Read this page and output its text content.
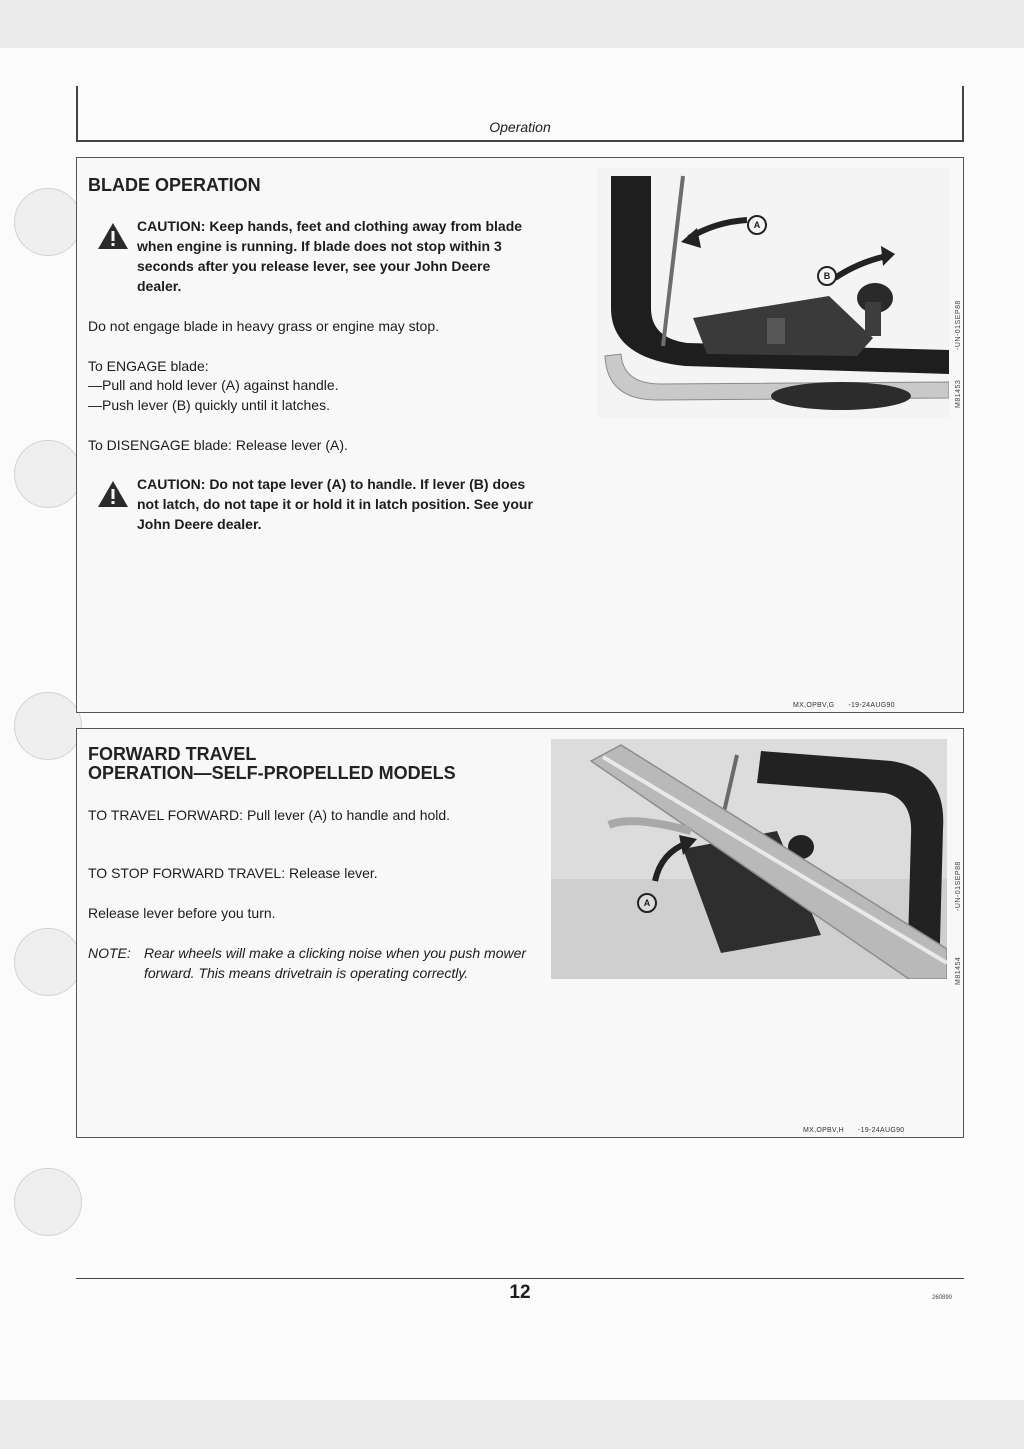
Operation
BLADE OPERATION
CAUTION: Keep hands, feet and clothing away from blade when engine is running. If blade does not stop within 3 seconds after you release lever, see your John Deere dealer.
Do not engage blade in heavy grass or engine may stop.
To ENGAGE blade:
—Pull and hold lever (A) against handle.
—Push lever (B) quickly until it latches.
To DISENGAGE blade: Release lever (A).
CAUTION: Do not tape lever (A) to handle. If lever (B) does not latch, do not tape it or hold it in latch position. See your John Deere dealer.
A
B
M81453
-UN-01SEP88
MX,OPBV,G -19-24AUG90
FORWARD TRAVEL
OPERATION—SELF-PROPELLED MODELS
TO TRAVEL FORWARD: Pull lever (A) to handle and hold.
TO STOP FORWARD TRAVEL: Release lever.
Release lever before you turn.
NOTE: Rear wheels will make a clicking noise when you push mower forward. This means drivetrain is operating correctly.
A
M81454
-UN-01SEP88
MX,OPBV,H -19-24AUG90
12	260890
